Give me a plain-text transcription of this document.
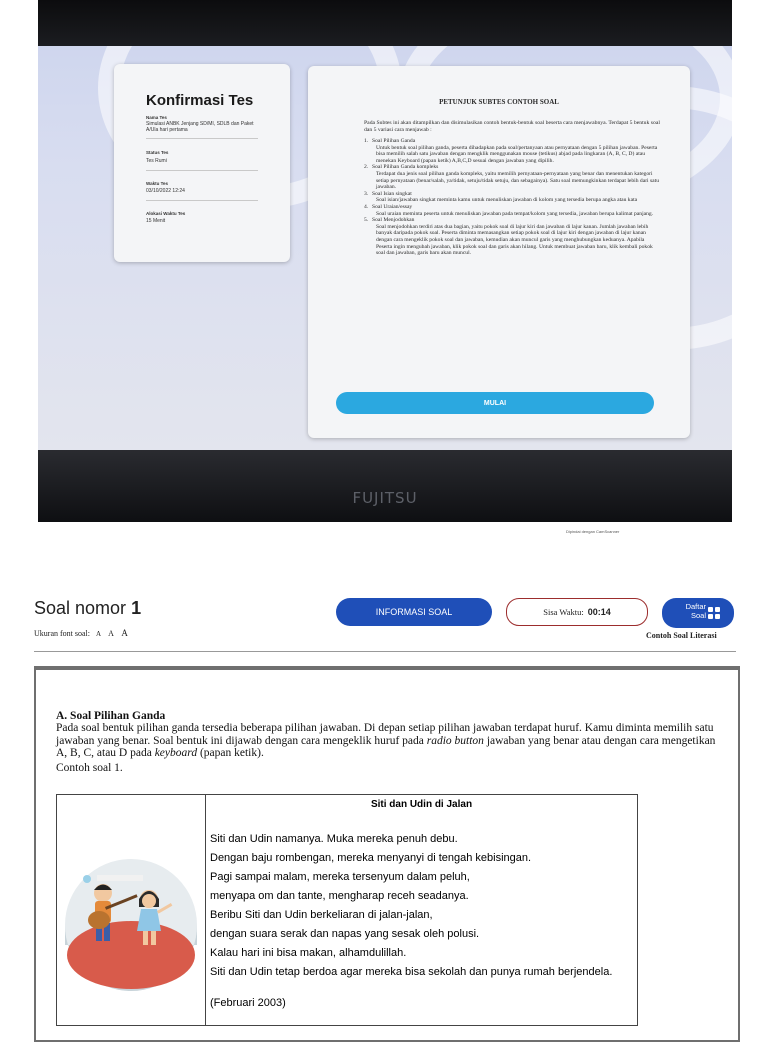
Konfirmasi Tes
Nama Tes
Simulasi ANBK Jenjang SD/MI, SDLB dan Paket A/Ula hari pertama
Status Tes
Tes Rumi
Waktu Tes
03/10/2022 12:24
Alokasi Waktu Tes
15 Menit
PETUNJUK SUBTES CONTOH SOAL
Pada Subtes ini akan ditampilkan dan disimulasikan contoh bentuk-bentuk soal beserta cara menjawabnya. Terdapat 5 bentuk soal dan 5 variasi cara menjawab :
1. Soal Pilihan Ganda
Untuk bentuk soal pilihan ganda, peserta dihadapkan pada soal/pertanyaan atau pernyataan dengan 5 pilihan jawaban. Peserta bisa memilih salah satu jawaban dengan mengklik menggunakan mouse (tetikus) abjad pada lingkaran (A, B, C, D) atau menekan Keyboard (papan ketik) A,B,C,D sesuai dengan jawaban yang dipilih.
2. Soal Pilihan Ganda kompleks
Terdapat dua jenis soal pilihan ganda kompleks, yaitu memilih pernyataan-pernyataan yang benar dan menentukan kategori setiap pernyataan (benar/salah, ya/tidak, setuju/tidak setuju, dan sebagainya). Satu soal memungkinkan terdapat lebih dari satu jawaban.
3. Soal Isian singkat
Soal isian/jawaban singkat meminta kamu untuk menuliskan jawaban di kolom yang tersedia berupa angka atau kata
4. Soal Uraian/essay
Soal uraian meminta peserta untuk menuliskan jawaban pada tempat/kolom yang tersedia, jawaban berupa kalimat panjang.
5. Soal Menjodohkan
Soal menjodohkan terdiri atas dua bagian, yaitu pokok soal di lajur kiri dan jawaban di lajur kanan. Jumlah jawaban lebih banyak daripada pokok soal. Peserta diminta memasangkan setiap pokok soal di lajur kiri dengan jawaban di lajur kanan dengan cara mengeklik pokok soal dan jawaban, kemudian akan muncul garis yang menghubungkan keduanya. Apabila Peserta ingin mengubah jawaban, klik pokok soal dan garis akan hilang. Untuk membuat jawaban baru, klik kembali pokok soal dan jawaban, garis baru akan muncul.
MULAI
FUJITSU
Dipindai dengan CamScanner
Soal nomor 1
Ukuran font soal: A A A
INFORMASI SOAL	Sisa Waktu: 00:14
Daftar
Soal
Contoh Soal Literasi
A. Soal Pilihan Ganda
Pada soal bentuk pilihan ganda tersedia beberapa pilihan jawaban. Di depan setiap pilihan jawaban terdapat huruf. Kamu diminta memilih satu jawaban yang benar. Soal bentuk ini dijawab dengan cara mengeklik huruf pada radio button jawaban yang benar atau dengan cara mengetikan A, B, C, atau D pada keyboard (papan ketik).
Contoh soal 1.
Siti dan Udin di Jalan
Siti dan Udin namanya. Muka mereka penuh debu.
Dengan baju rombengan, mereka menyanyi di tengah kebisingan.
Pagi sampai malam, mereka tersenyum dalam peluh,
menyapa om dan tante, mengharap receh seadanya.
Beribu Siti dan Udin berkeliaran di jalan-jalan,
dengan suara serak dan napas yang sesak oleh polusi.
Kalau hari ini bisa makan, alhamdulillah.
Siti dan Udin tetap berdoa agar mereka bisa sekolah dan punya rumah berjendela.
(Februari 2003)
